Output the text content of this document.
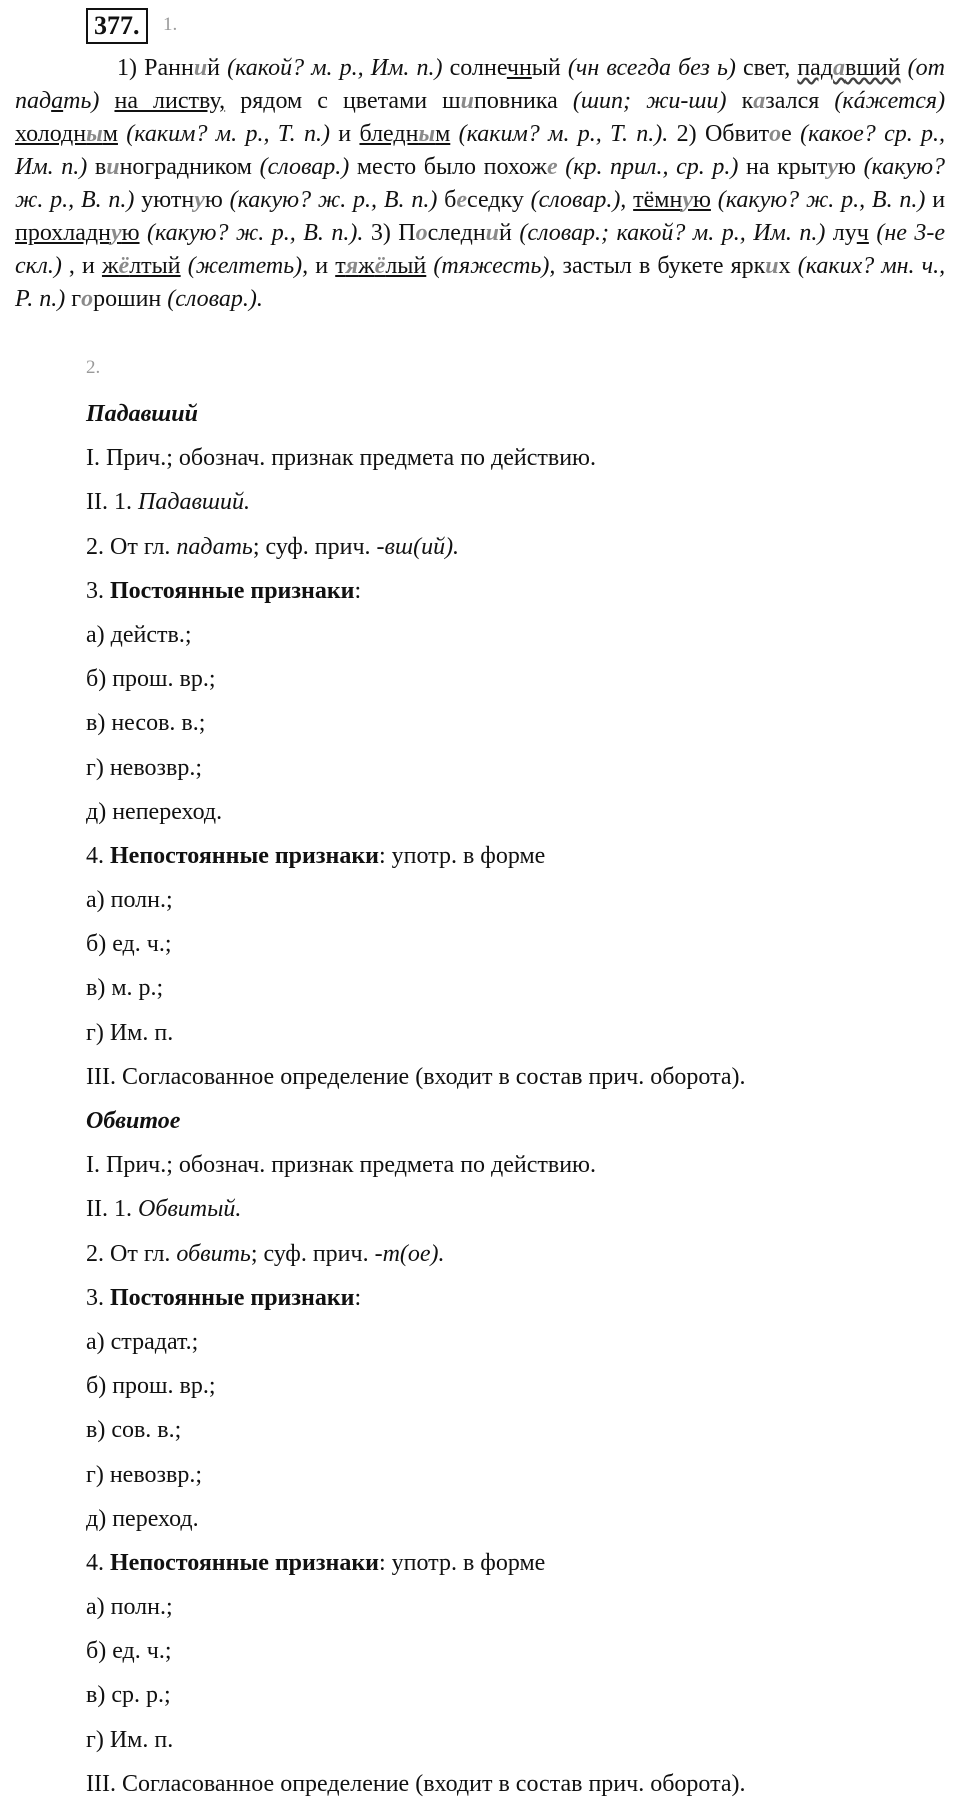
377.	1.
1) Ранний (какой? м. р., Им. п.) солнечный (чн всегда без ь) свет, падавший (от падать) на листву, рядом с цветами шиповника (шип; жи-ши) казался (кáжется) холодным (каким? м. р., Т. п.) и бледным (каким? м. р., Т. п.). 2) Обвитое (какое? ср. р., Им. п.) виноградником (словар.) место было похоже (кр. прил., ср. р.) на крытую (какую? ж. р., В. п.) уютную (какую? ж. р., В. п.) беседку (словар.), тёмную (какую? ж. р., В. п.) и прохладную (какую? ж. р., В. п.). 3) Последний (словар.; какой? м. р., Им. п.) луч (не 3-е скл.) , и жёлтый (желтеть), и тяжёлый (тяжесть), застыл в букете ярких (каких? мн. ч., Р. п.) горошин (словар.).
2.
Падавший
I. Прич.; обознач. признак предмета по действию.
II. 1. Падавший.
2. От гл. падать; суф. прич. -вш(ий).
3. Постоянные признаки:
а) действ.;
б) прош. вр.;
в) несов. в.;
г) невозвр.;
д) непереход.
4. Непостоянные признаки: употр. в форме
а) полн.;
б) ед. ч.;
в) м. р.;
г) Им. п.
III. Согласованное определение (входит в состав прич. оборота).
Обвитое
I. Прич.; обознач. признак предмета по действию.
II. 1. Обвитый.
2. От гл. обвить; суф. прич. -т(ое).
3. Постоянные признаки:
а) страдат.;
б) прош. вр.;
в) сов. в.;
г) невозвр.;
д) переход.
4. Непостоянные признаки: употр. в форме
а) полн.;
б) ед. ч.;
в) ср. р.;
г) Им. п.
III. Согласованное определение (входит в состав прич. оборота).
